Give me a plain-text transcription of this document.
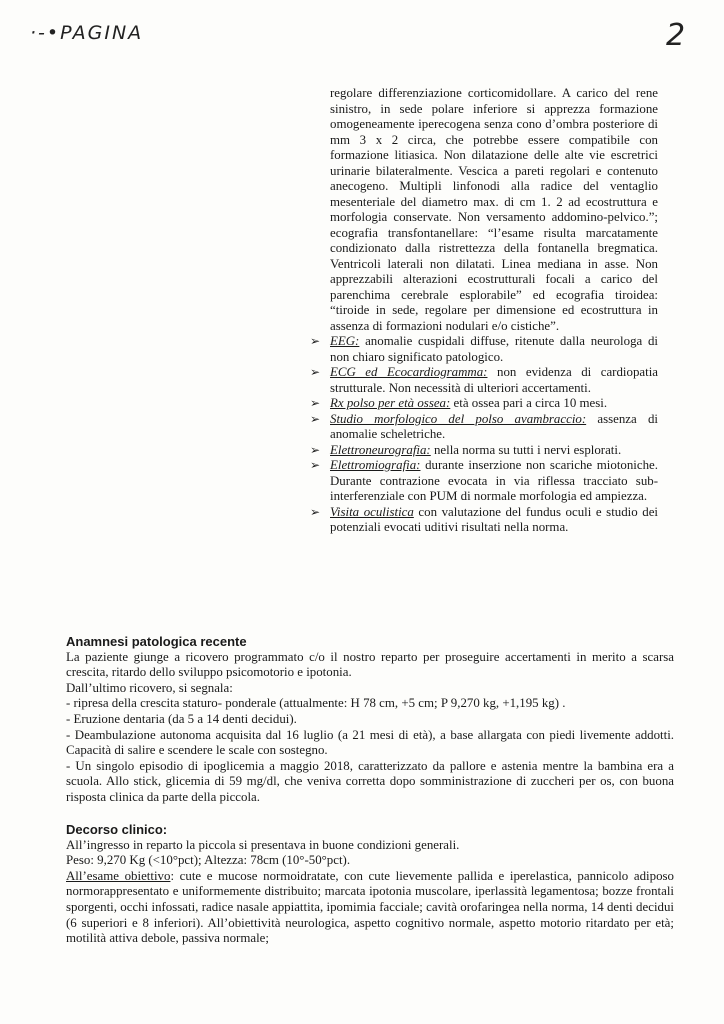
·-•PAGINA	2

regolare differenziazione corticomidollare. A carico del rene sinistro, in sede polare inferiore si apprezza formazione omogeneamente iperecogena senza cono d’ombra posteriore di mm 3 x 2 circa, che potrebbe essere compatibile con formazione litiasica. Non dilatazione delle alte vie escretrici urinarie bilateralmente. Vescica a pareti regolari e contenuto anecogeno. Multipli linfonodi alla radice del ventaglio mesenteriale del diametro max. di cm 1. 2 ad ecostruttura e morfologia conservate. Non versamento addomino-pelvico.”; ecografia transfontanellare: “l’esame risulta marcatamente condizionato dalla ristrettezza della fontanella bregmatica. Ventricoli laterali non dilatati. Linea mediana in asse. Non apprezzabili alterazioni ecostrutturali focali a carico del parenchima cerebrale esplorabile” ed ecografia tiroidea: “tiroide in sede, regolare per dimensione ed ecostruttura in assenza di formazioni nodulari e/o cistiche”.

➢ EEG: anomalie cuspidali diffuse, ritenute dalla neurologa di non chiaro significato patologico.
➢ ECG ed Ecocardiogramma: non evidenza di cardiopatia strutturale. Non necessità di ulteriori accertamenti.
➢ Rx polso per età ossea: età ossea pari a circa 10 mesi.
➢ Studio morfologico del polso avambraccio: assenza di anomalie scheletriche.
➢ Elettroneurografia: nella norma su tutti i nervi esplorati.
➢ Elettromiografia: durante inserzione non scariche miotoniche. Durante contrazione evocata in via riflessa tracciato sub-interferenziale con PUM di normale morfologia ed ampiezza.
➢ Visita oculistica con valutazione del fundus oculi e studio dei potenziali evocati uditivi risultati nella norma.

Anamnesi patologica recente

La paziente giunge a ricovero programmato c/o il nostro reparto per proseguire accertamenti in merito a scarsa crescita, ritardo dello sviluppo psicomotorio e ipotonia.

Dall’ultimo ricovero, si segnala:

- ripresa della crescita staturo- ponderale (attualmente: H 78 cm, +5 cm; P 9,270 kg, +1,195 kg) .

- Eruzione dentaria (da 5 a 14 denti decidui).

- Deambulazione autonoma acquisita dal 16 luglio (a 21 mesi di età), a base allargata con piedi livemente addotti. Capacità di salire e scendere le scale con sostegno.

- Un singolo episodio di ipoglicemia a maggio 2018, caratterizzato da pallore e astenia mentre la bambina era a scuola. Allo stick, glicemia di 59 mg/dl, che veniva corretta dopo somministrazione di zuccheri per os, con buona risposta clinica da parte della piccola.

Decorso clinico:

All’ingresso in reparto la piccola si presentava in buone condizioni generali.

Peso: 9,270 Kg (<10°pct); Altezza: 78cm (10°-50°pct).

All’esame obiettivo: cute e mucose normoidratate, con cute lievemente pallida e iperelastica, pannicolo adiposo normorappresentato e uniformemente distribuito; marcata ipotonia muscolare, iperlassità legamentosa; bozze frontali sporgenti, occhi infossati, radice nasale appiattita, ipomimia facciale; cavità orofaringea nella norma, 14 denti decidui (6 superiori e 8 inferiori). All’obiettività neurologica, aspetto cognitivo normale, aspetto motorio ritardato per età; motilità attiva debole, passiva normale;
